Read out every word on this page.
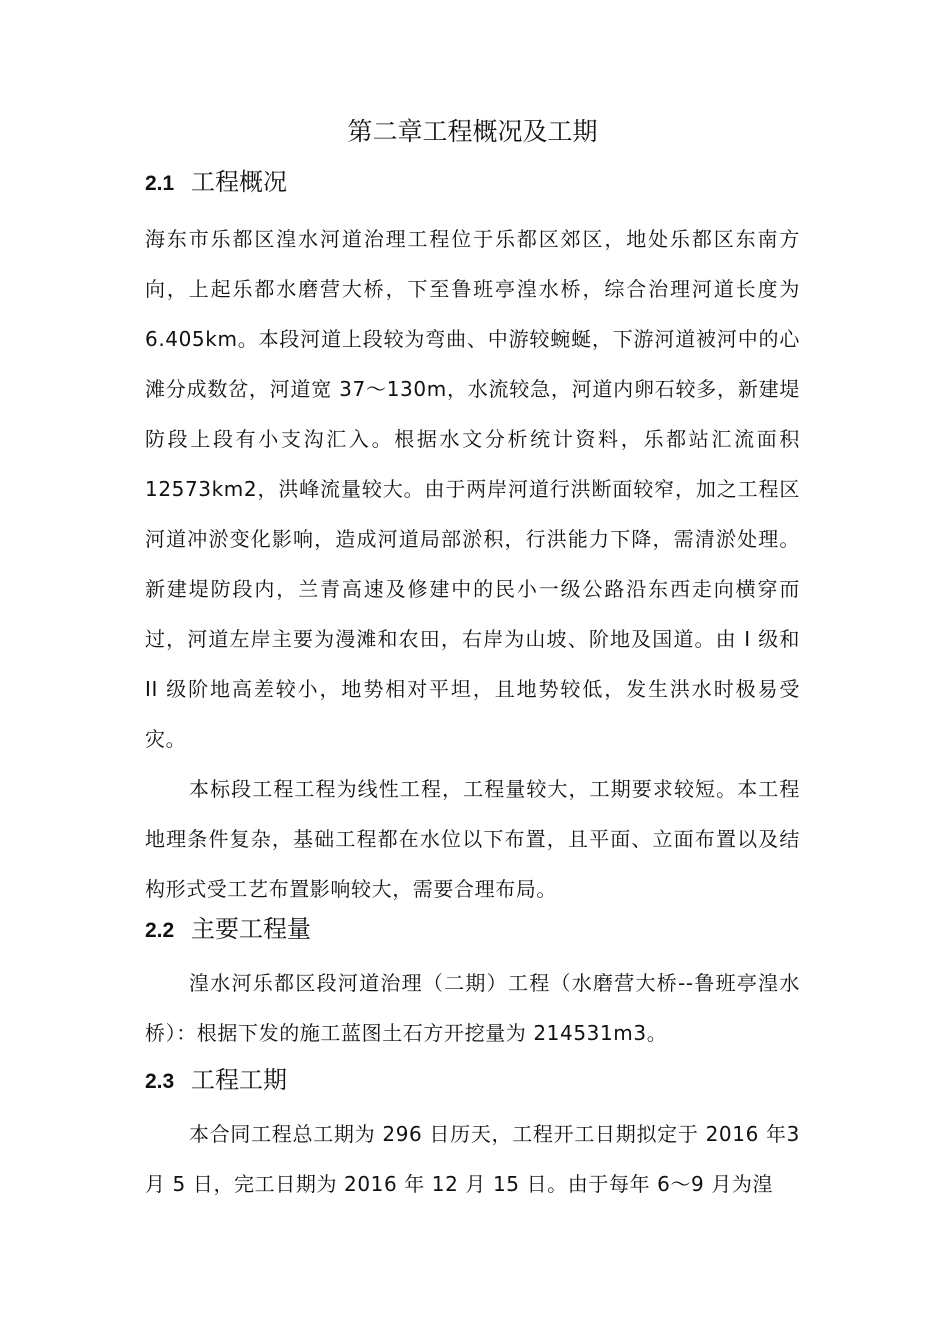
第二章工程概况及工期
2.1 工程概况

海东市乐都区湟水河道治理工程位于乐都区郊区，地处乐都区东南方向，上起乐都水磨营大桥，下至鲁班亭湟水桥，综合治理河道长度为 6.405km。本段河道上段较为弯曲、中游较蜿蜒，下游河道被河中的心滩分成数岔，河道宽 37～130m，水流较急，河道内卵石较多，新建堤防段上段有小支沟汇入。根据水文分析统计资料，乐都站汇流面积 12573km2，洪峰流量较大。由于两岸河道行洪断面较窄，加之工程区河道冲淤变化影响，造成河道局部淤积，行洪能力下降，需清淤处理。新建堤防段内，兰青高速及修建中的民小一级公路沿东西走向横穿而过，河道左岸主要为漫滩和农田，右岸为山坡、阶地及国道。由 I 级和 II 级阶地高差较小，地势相对平坦，且地势较低，发生洪水时极易受灾。

本标段工程工程为线性工程，工程量较大，工期要求较短。本工程地理条件复杂，基础工程都在水位以下布置，且平面、立面布置以及结构形式受工艺布置影响较大，需要合理布局。

2.2 主要工程量

湟水河乐都区段河道治理（二期）工程（水磨营大桥--鲁班亭湟水桥）：根据下发的施工蓝图土石方开挖量为 214531m3。

2.3 工程工期

本合同工程总工期为 296 日历天，工程开工日期拟定于 2016 年3 月 5 日，完工日期为 2016 年 12 月 15 日。由于每年 6～9 月为湟
